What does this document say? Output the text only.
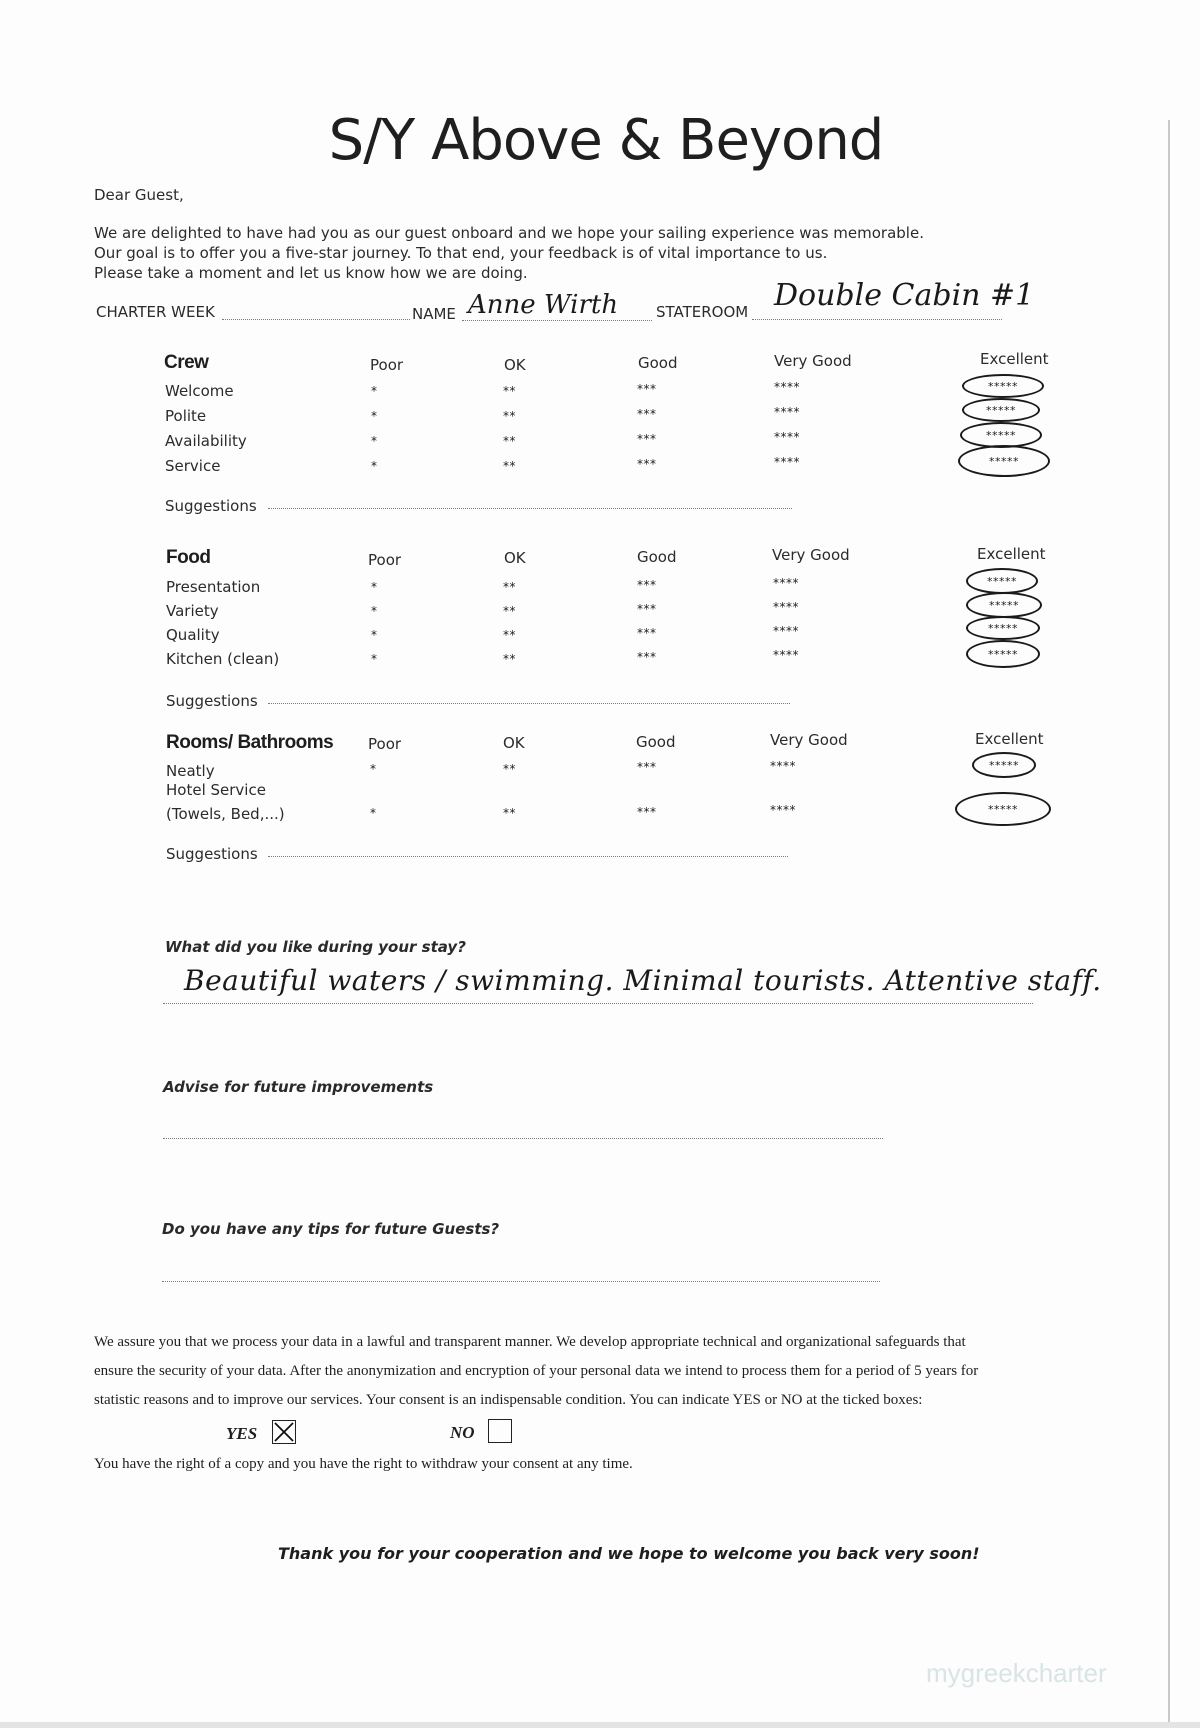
S/Y Above & Beyond
Dear Guest,
We are delighted to have had you as our guest onboard and we hope your sailing experience was memorable.
Our goal is to offer you a five-star journey. To that end, your feedback is of vital importance to us.
Please take a moment and let us know how we are doing.
CHARTER WEEK	NAME Anne Wirth	STATEROOM Double Cabin #1
Crew	Poor	OK	Good	Very Good	Excellent
Welcome	*	**	***	****	*****
Polite	*	**	***	****	*****
Availability	*	**	***	****	*****
Service	*	**	***	****	*****
Suggestions
Food	Poor	OK	Good	Very Good	Excellent
Presentation	*	**	***	****	*****
Variety	*	**	***	****	*****
Quality	*	**	***	****	*****
Kitchen (clean)	*	**	***	****	*****
Suggestions
Rooms/ Bathrooms Poor	OK	Good	Very Good	Excellent
Neatly	*	**	***	****	*****
Hotel Service
(Towels, Bed,...)	*	**	***	****	*****
Suggestions
What did you like during your stay?
Beautiful waters / swimming. Minimal tourists. Attentive staff.
Advise for future improvements
Do you have any tips for future Guests?
We assure you that we process your data in a lawful and transparent manner. We develop appropriate technical and organizational safeguards that
ensure the security of your data. After the anonymization and encryption of your personal data we intend to process them for a period of 5 years for
statistic reasons and to improve our services. Your consent is an indispensable condition. You can indicate YES or NO at the ticked boxes:
YES	NO
You have the right of a copy and you have the right to withdraw your consent at any time.
Thank you for your cooperation and we hope to welcome you back very soon!
mygreekcharter
